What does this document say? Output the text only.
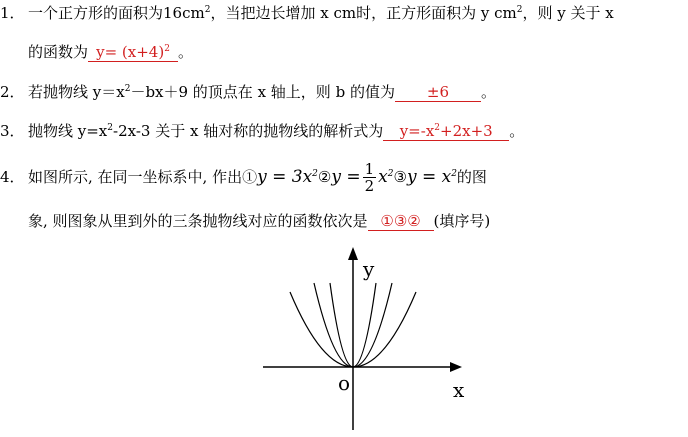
1． 一个正方形的面积为$16cm^2$，当把边长增加 x cm时，正方形面积为 y $cm^2$，则 y 关于 x
的函数为 $y= (x+4)^2$ 。
2． 若抛物线 $y=x^2-bx+9$ 的顶点在 x 轴上，则 b 的值为 ±6 。
3． 抛物线 $y=x^2-2x-3$ 关于 x 轴对称的抛物线的解析式为 $y=-x^2+2x+3$ 。
4． 如图所示, 在同一坐标系中, 作出①y = $3x^2②y = \frac{1}{2}$ $x^2③y = x^2$的图
象, 则图象从里到外的三条抛物线对应的函数依次是 ①③② (填序号)
y
x
o
